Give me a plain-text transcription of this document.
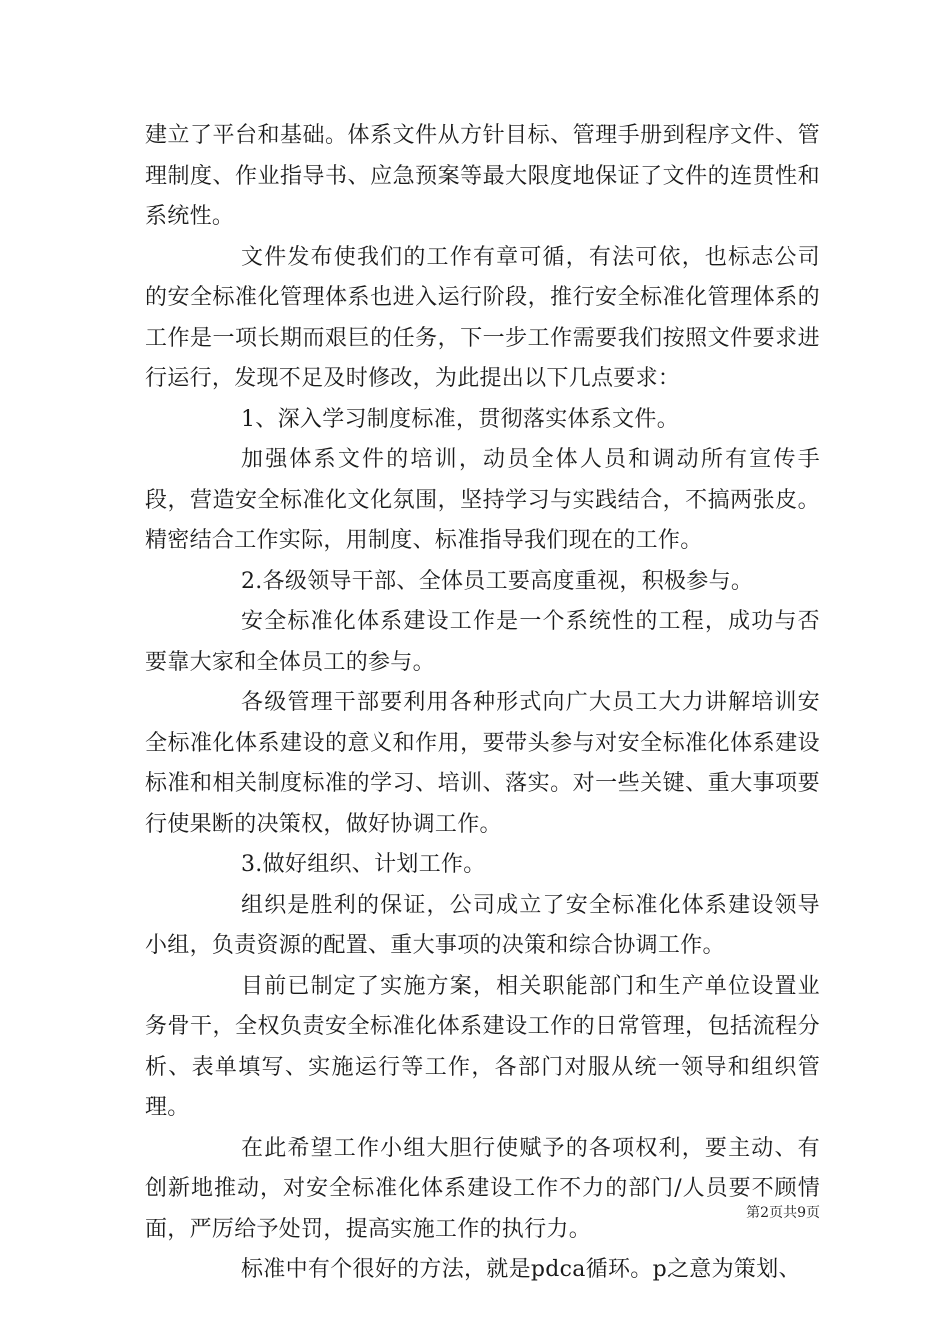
建立了平台和基础。体系文件从方针目标、管理手册到程序文件、管理制度、作业指导书、应急预案等最大限度地保证了文件的连贯性和系统性。

文件发布使我们的工作有章可循，有法可依，也标志公司的安全标准化管理体系也进入运行阶段，推行安全标准化管理体系的工作是一项长期而艰巨的任务，下一步工作需要我们按照文件要求进行运行，发现不足及时修改，为此提出以下几点要求：

1、深入学习制度标准，贯彻落实体系文件。

加强体系文件的培训，动员全体人员和调动所有宣传手段，营造安全标准化文化氛围，坚持学习与实践结合，不搞两张皮。精密结合工作实际，用制度、标准指导我们现在的工作。

2.各级领导干部、全体员工要高度重视，积极参与。

安全标准化体系建设工作是一个系统性的工程，成功与否要靠大家和全体员工的参与。

各级管理干部要利用各种形式向广大员工大力讲解培训安全标准化体系建设的意义和作用，要带头参与对安全标准化体系建设标准和相关制度标准的学习、培训、落实。对一些关键、重大事项要行使果断的决策权，做好协调工作。

3.做好组织、计划工作。

组织是胜利的保证，公司成立了安全标准化体系建设领导小组，负责资源的配置、重大事项的决策和综合协调工作。

目前已制定了实施方案，相关职能部门和生产单位设置业务骨干，全权负责安全标准化体系建设工作的日常管理，包括流程分析、表单填写、实施运行等工作，各部门对服从统一领导和组织管理。

在此希望工作小组大胆行使赋予的各项权利，要主动、有创新地推动，对安全标准化体系建设工作不力的部门/人员要不顾情面，严厉给予处罚，提高实施工作的执行力。

标准中有个很好的方法，就是pdca循环。p之意为策划、

第2页共9页
